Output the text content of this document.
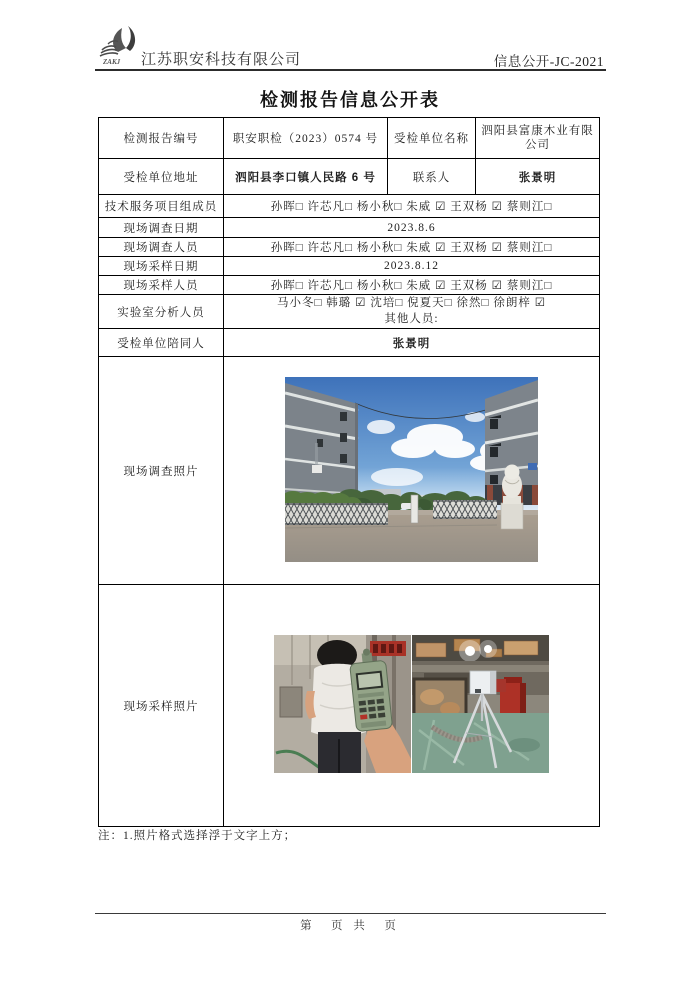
ZAKJ 江苏职安科技有限公司	信息公开-JC-2021
检测报告信息公开表
检测报告编号	职安职检（2023）0574 号	受检单位名称	泗阳县富康木业有限公司
受检单位地址	泗阳县李口镇人民路 6 号	联系人	张景明
技术服务项目组成员	孙晖□ 许芯凡□ 杨小秋□ 朱威 ☑ 王双杨 ☑ 蔡则江□		
现场调查日期	2023.8.6		
现场调查人员	孙晖□ 许芯凡□ 杨小秋□ 朱威 ☑ 王双杨 ☑ 蔡则江□		
现场采样日期	2023.8.12		
现场采样人员	孙晖□ 许芯凡□ 杨小秋□ 朱威 ☑ 王双杨 ☑ 蔡则江□		
实验室分析人员	马小冬□ 韩璐 ☑ 沈培□ 倪夏天□ 徐然□ 徐朗梓 ☑
其他人员:		

受检单位陪同人	张景明		
现场调查照片	
现场采样照片	
注：1.照片格式选择浮于文字上方；
第　页 共　页
